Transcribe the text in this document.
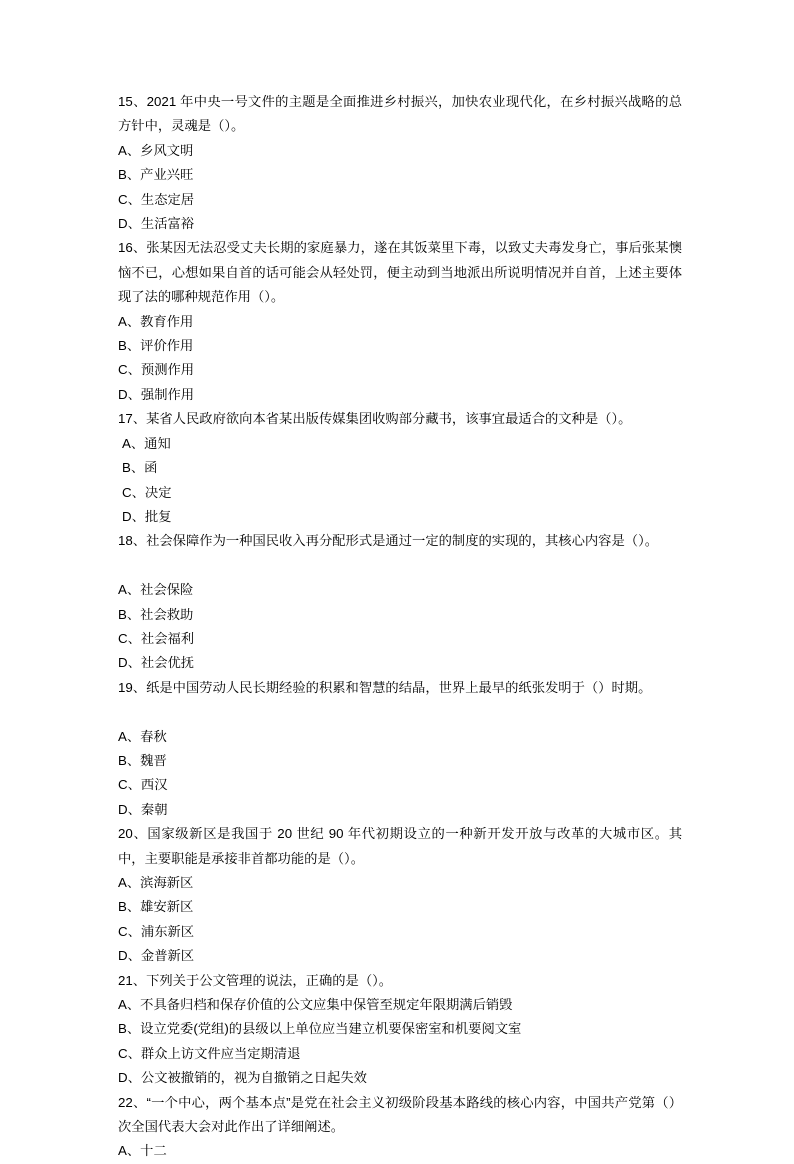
15、2021 年中央一号文件的主题是全面推进乡村振兴，加快农业现代化，在乡村振兴战略的总方针中，灵魂是（）。

A、乡风文明

B、产业兴旺

C、生态定居

D、生活富裕

16、张某因无法忍受丈夫长期的家庭暴力，遂在其饭菜里下毒，以致丈夫毒发身亡，事后张某懊恼不已，心想如果自首的话可能会从轻处罚，便主动到当地派出所说明情况并自首，上述主要体现了法的哪种规范作用（）。

A、教育作用

B、评价作用

C、预测作用

D、强制作用

17、某省人民政府欲向本省某出版传媒集团收购部分藏书，该事宜最适合的文种是（）。

A、通知

B、函

C、决定

D、批复

18、社会保障作为一种国民收入再分配形式是通过一定的制度的实现的，其核心内容是（）。

A、社会保险

B、社会救助

C、社会福利

D、社会优抚

19、纸是中国劳动人民长期经验的积累和智慧的结晶，世界上最早的纸张发明于（）时期。

A、春秋

B、魏晋

C、西汉

D、秦朝

20、国家级新区是我国于 20 世纪 90 年代初期设立的一种新开发开放与改革的大城市区。其中，主要职能是承接非首都功能的是（）。

A、滨海新区

B、雄安新区

C、浦东新区

D、金普新区

21、下列关于公文管理的说法，正确的是（）。

A、不具备归档和保存价值的公文应集中保管至规定年限期满后销毁

B、设立党委(党组)的县级以上单位应当建立机要保密室和机要阅文室

C、群众上访文件应当定期清退

D、公文被撤销的，视为自撤销之日起失效

22、“一个中心，两个基本点”是党在社会主义初级阶段基本路线的核心内容，中国共产党第（）次全国代表大会对此作出了详细阐述。

A、十二
